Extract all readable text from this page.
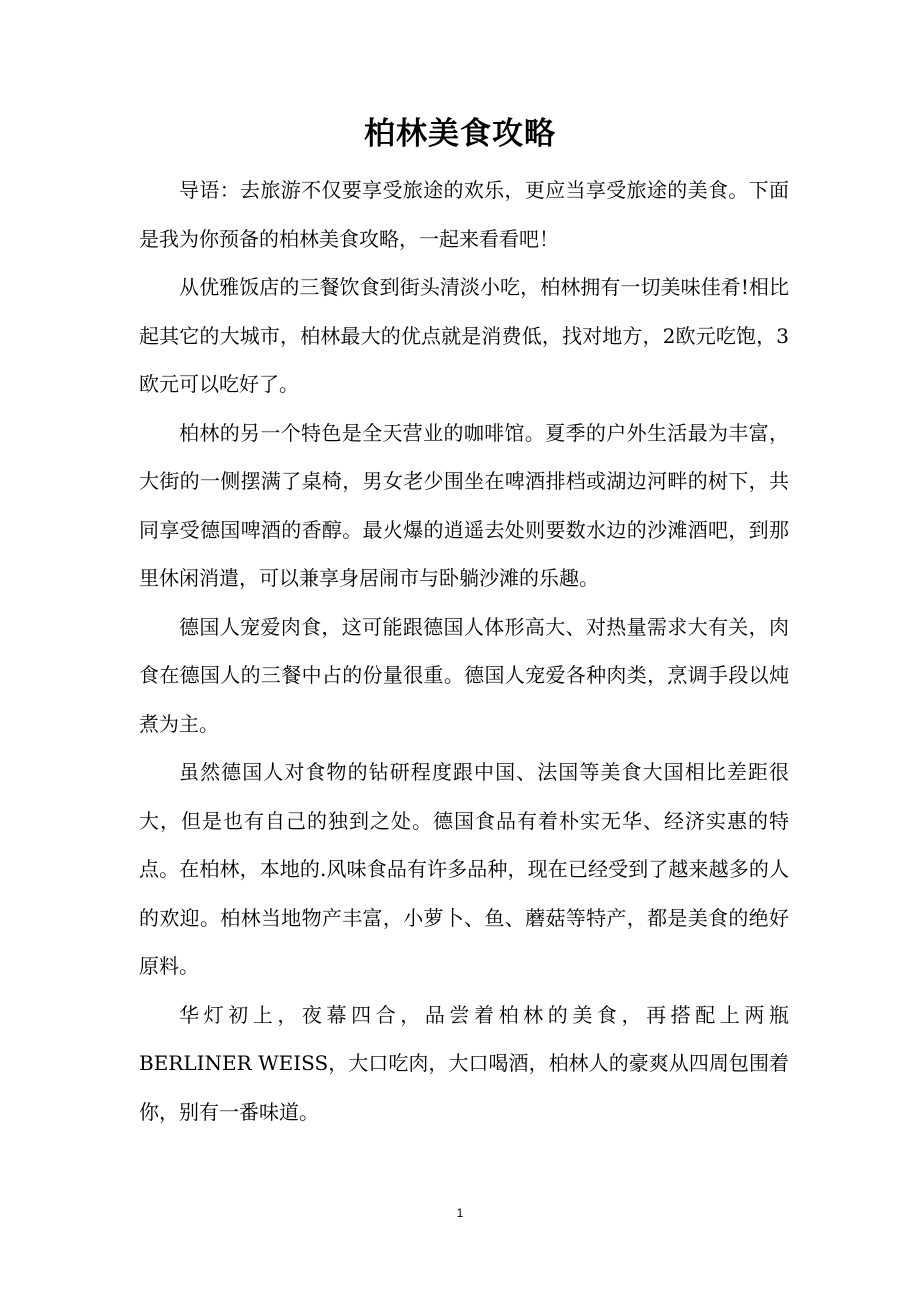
柏林美食攻略

导语：去旅游不仅要享受旅途的欢乐，更应当享受旅途的美食。下面是我为你预备的柏林美食攻略，一起来看看吧！

从优雅饭店的三餐饮食到街头清淡小吃，柏林拥有一切美味佳肴!相比起其它的大城市，柏林最大的优点就是消费低，找对地方，2欧元吃饱，3欧元可以吃好了。

柏林的另一个特色是全天营业的咖啡馆。夏季的户外生活最为丰富，大街的一侧摆满了桌椅，男女老少围坐在啤酒排档或湖边河畔的树下，共同享受德国啤酒的香醇。最火爆的逍遥去处则要数水边的沙滩酒吧，到那里休闲消遣，可以兼享身居闹市与卧躺沙滩的乐趣。

德国人宠爱肉食，这可能跟德国人体形高大、对热量需求大有关，肉食在德国人的三餐中占的份量很重。德国人宠爱各种肉类，烹调手段以炖煮为主。

虽然德国人对食物的钻研程度跟中国、法国等美食大国相比差距很大，但是也有自己的独到之处。德国食品有着朴实无华、经济实惠的特点。在柏林，本地的.风味食品有许多品种，现在已经受到了越来越多的人的欢迎。柏林当地物产丰富，小萝卜、鱼、蘑菇等特产，都是美食的绝好原料。

华灯初上，夜幕四合，品尝着柏林的美食，再搭配上两瓶BERLINER WEISS，大口吃肉，大口喝酒，柏林人的豪爽从四周包围着你，别有一番味道。

1
